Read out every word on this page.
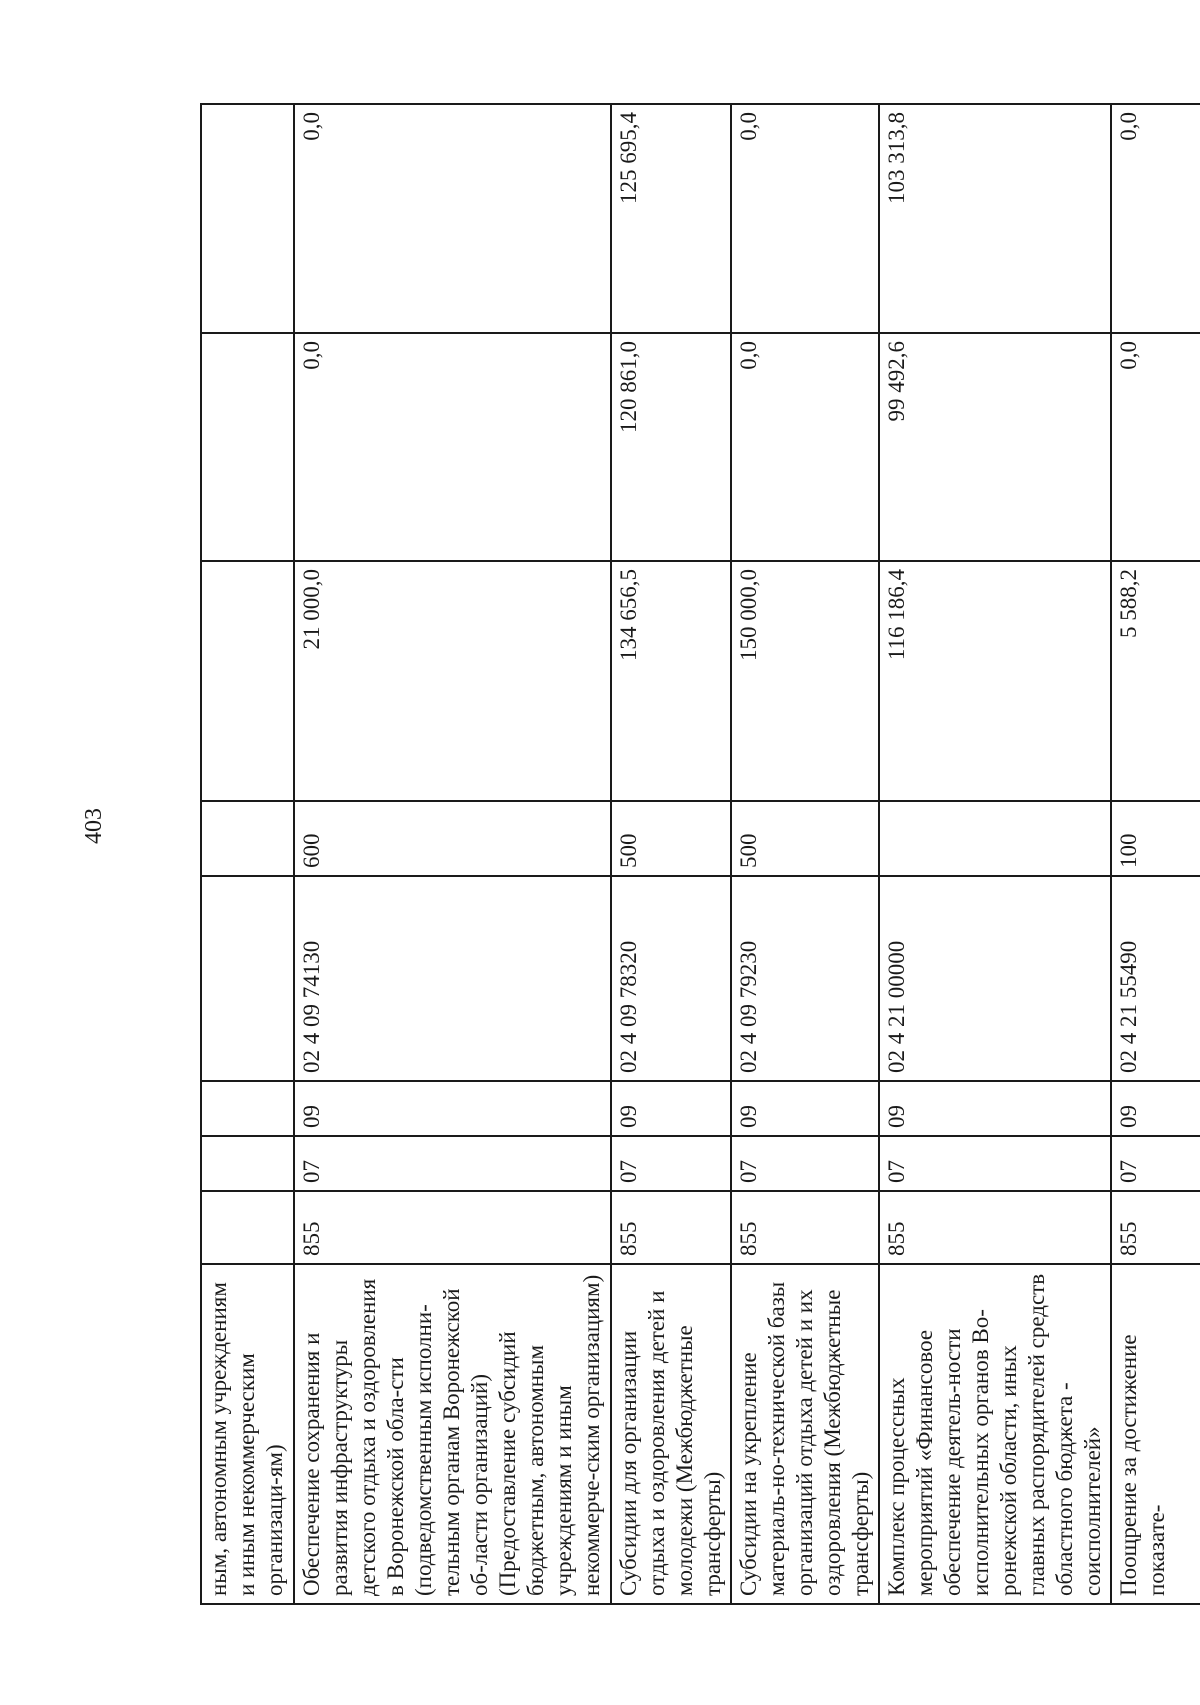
403
ным, автономным учреждениям и иным некоммерческим организаци-ям)								
Обеспечение сохранения и развития инфраструктуры детского отдыха и оздоровления в Воронежской обла-сти (подведомственным исполни-тельным органам Воронежской об-ласти организаций) (Предоставление субсидий бюджетным, автономным учреждениям и иным некоммерче-ским организациям)	855	07	09	02 4 09 74130	600	21 000,0	0,0	0,0
Субсидии для организации отдыха и оздоровления детей и молодежи (Межбюджетные трансферты)	855	07	09	02 4 09 78320	500	134 656,5	120 861,0	125 695,4
Субсидии на укрепление материаль-но-технической базы организаций отдыха детей и их оздоровления (Межбюджетные трансферты)	855	07	09	02 4 09 79230	500	150 000,0	0,0	0,0
Комплекс процессных мероприятий «Финансовое обеспечение деятель-ности исполнительных органов Во-ронежской области, иных главных распорядителей средств областного бюджета - соисполнителей»	855	07	09	02 4 21 00000		116 186,4	99 492,6	103 313,8
Поощрение за достижение показате-	855	07	09	02 4 21 55490	100	5 588,2	0,0	0,0
